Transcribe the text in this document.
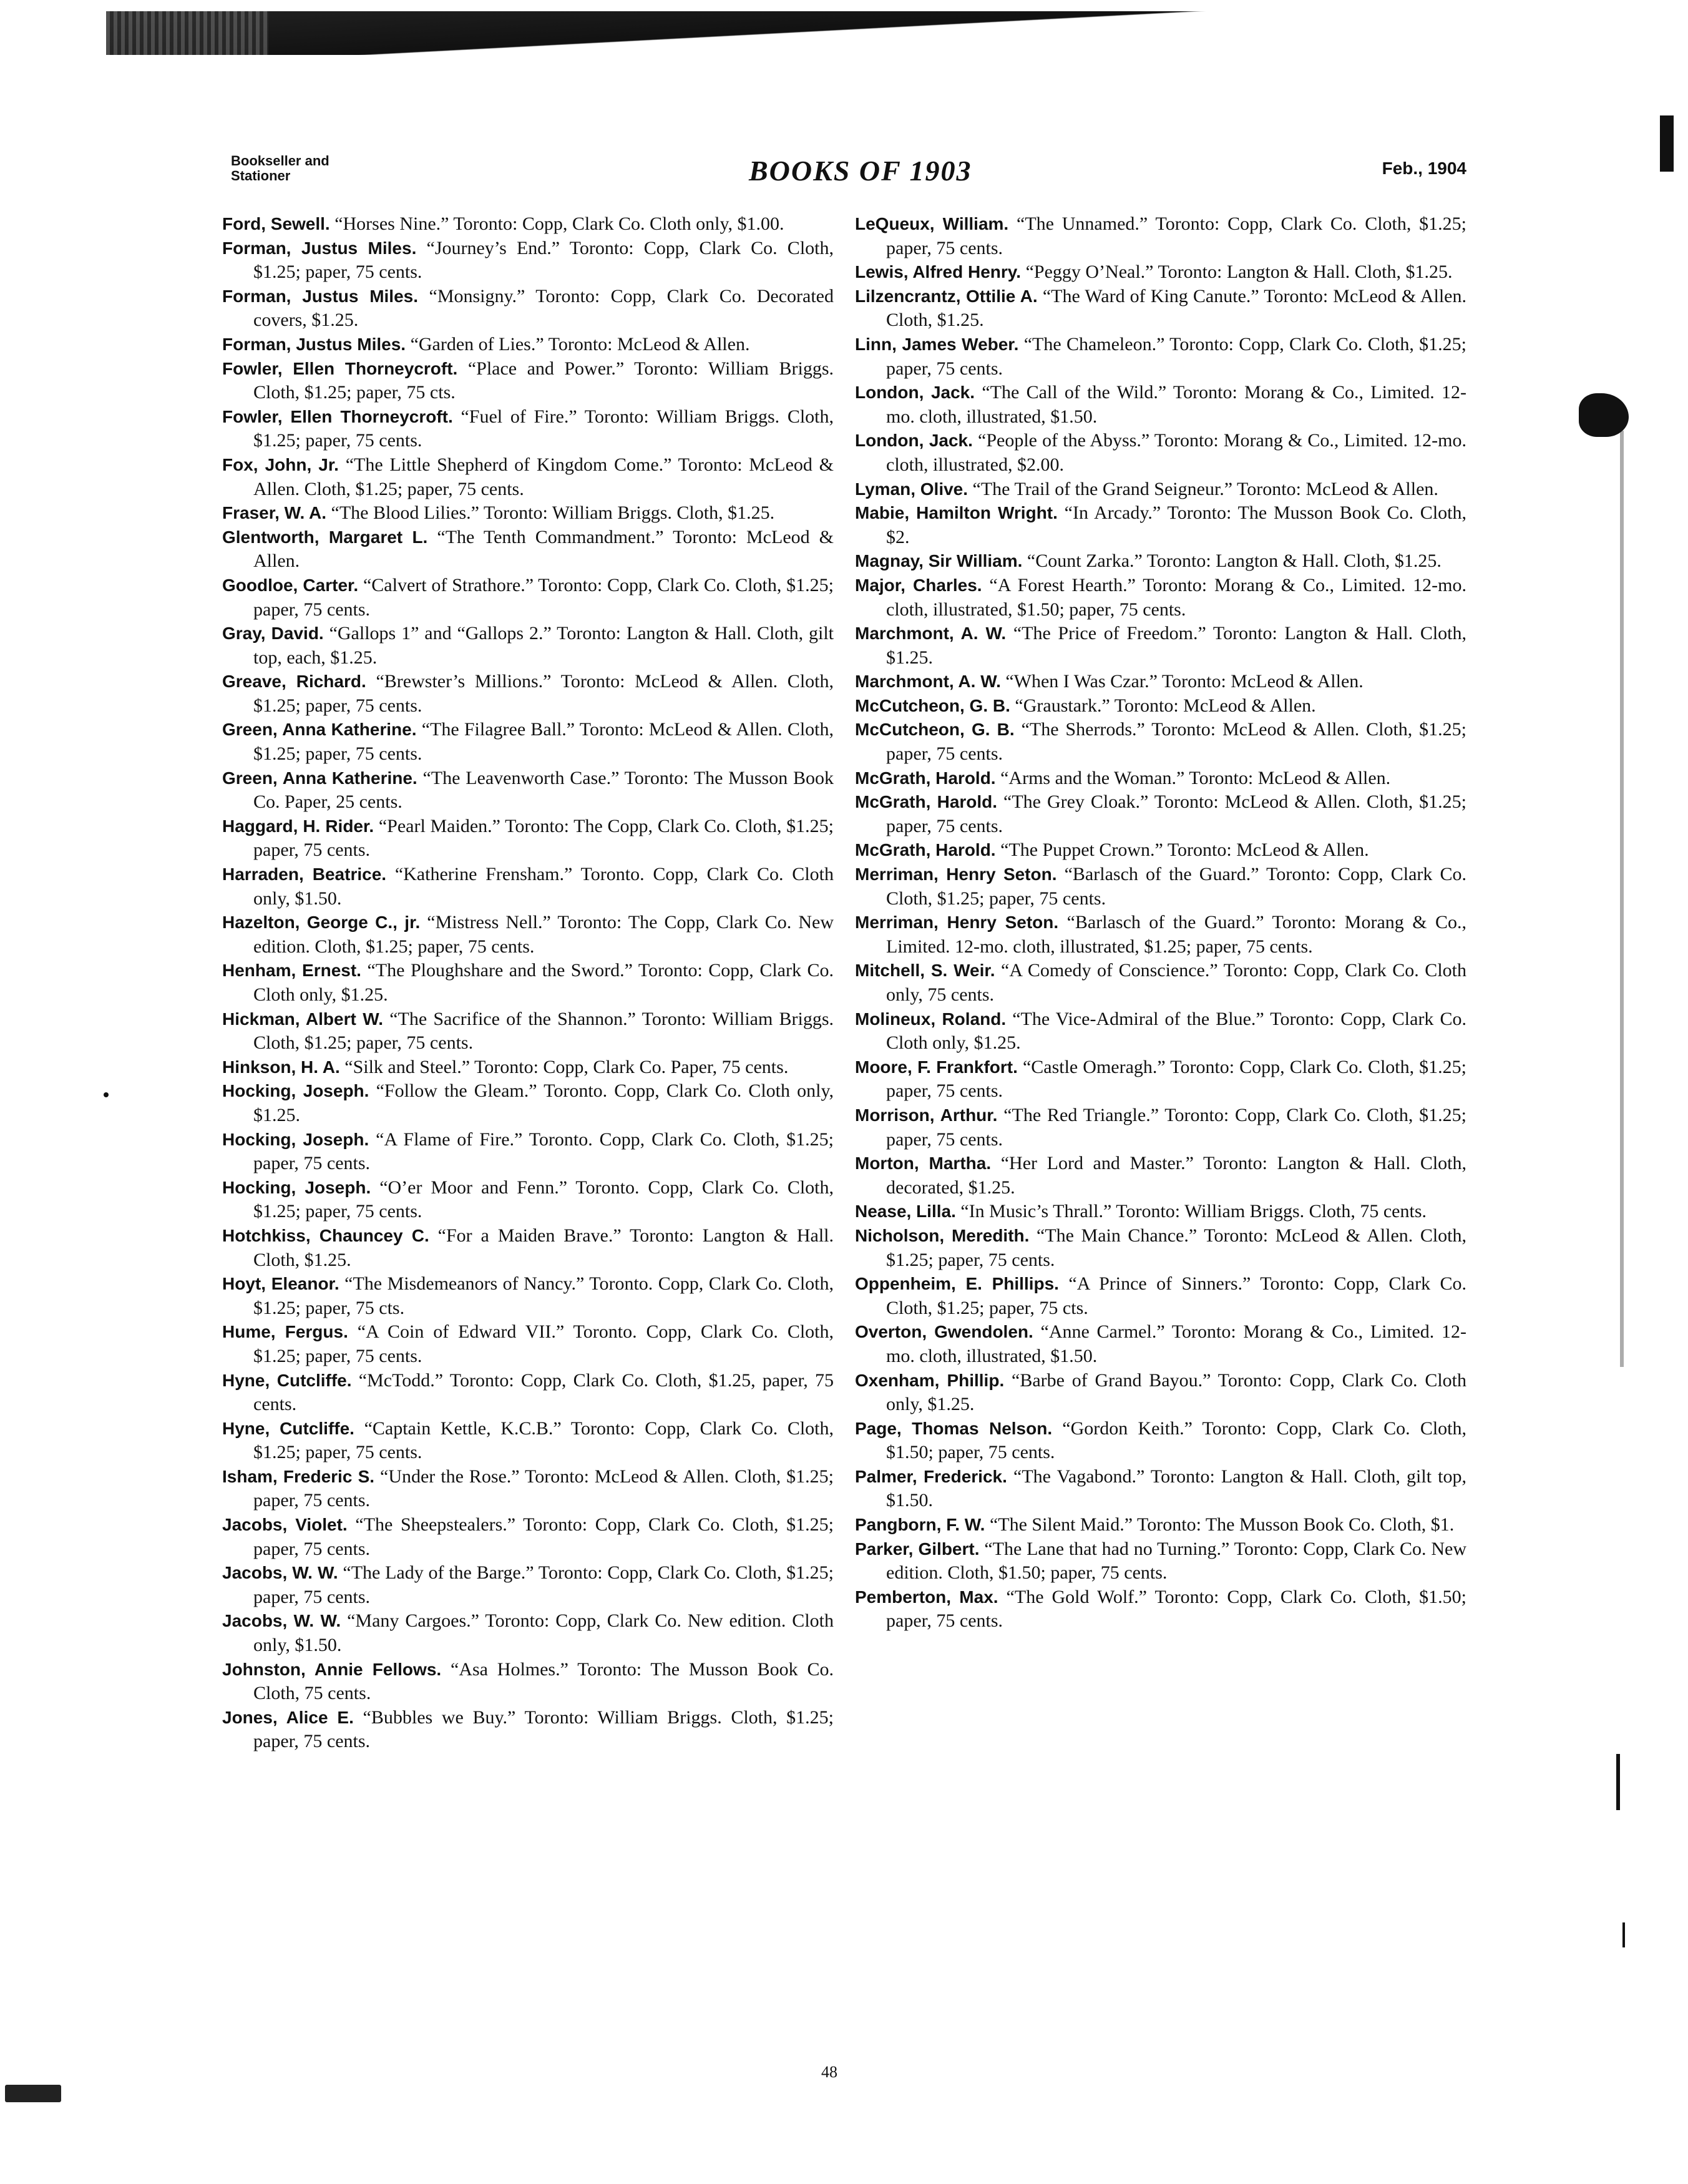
Bookseller and
Stationer	BOOKS OF 1903	Feb., 1904

Ford, Sewell. “Horses Nine.” Toronto: Copp, Clark Co. Cloth only, $1.00.

Forman, Justus Miles. “Journey’s End.” Toronto: Copp, Clark Co. Cloth, $1.25; paper, 75 cents.

Forman, Justus Miles. “Monsigny.” Toronto: Copp, Clark Co. Decorated covers, $1.25.

Forman, Justus Miles. “Garden of Lies.” Toronto: McLeod & Allen.

Fowler, Ellen Thorneycroft. “Place and Power.” Toronto: William Briggs. Cloth, $1.25; paper, 75 cts.

Fowler, Ellen Thorneycroft. “Fuel of Fire.” Toronto: William Briggs. Cloth, $1.25; paper, 75 cents.

Fox, John, Jr. “The Little Shepherd of Kingdom Come.” Toronto: McLeod & Allen. Cloth, $1.25; paper, 75 cents.

Fraser, W. A. “The Blood Lilies.” Toronto: William Briggs. Cloth, $1.25.

Glentworth, Margaret L. “The Tenth Commandment.” Toronto: McLeod & Allen.

Goodloe, Carter. “Calvert of Strathore.” Toronto: Copp, Clark Co. Cloth, $1.25; paper, 75 cents.

Gray, David. “Gallops 1” and “Gallops 2.” Toronto: Langton & Hall. Cloth, gilt top, each, $1.25.

Greave, Richard. “Brewster’s Millions.” Toronto: McLeod & Allen. Cloth, $1.25; paper, 75 cents.

Green, Anna Katherine. “The Filagree Ball.” Toronto: McLeod & Allen. Cloth, $1.25; paper, 75 cents.

Green, Anna Katherine. “The Leavenworth Case.” Toronto: The Musson Book Co. Paper, 25 cents.

Haggard, H. Rider. “Pearl Maiden.” Toronto: The Copp, Clark Co. Cloth, $1.25; paper, 75 cents.

Harraden, Beatrice. “Katherine Frensham.” Toronto. Copp, Clark Co. Cloth only, $1.50.

Hazelton, George C., jr. “Mistress Nell.” Toronto: The Copp, Clark Co. New edition. Cloth, $1.25; paper, 75 cents.

Henham, Ernest. “The Ploughshare and the Sword.” Toronto: Copp, Clark Co. Cloth only, $1.25.

Hickman, Albert W. “The Sacrifice of the Shannon.” Toronto: William Briggs. Cloth, $1.25; paper, 75 cents.

Hinkson, H. A. “Silk and Steel.” Toronto: Copp, Clark Co. Paper, 75 cents.

Hocking, Joseph. “Follow the Gleam.” Toronto. Copp, Clark Co. Cloth only, $1.25.

Hocking, Joseph. “A Flame of Fire.” Toronto. Copp, Clark Co. Cloth, $1.25; paper, 75 cents.

Hocking, Joseph. “O’er Moor and Fenn.” Toronto. Copp, Clark Co. Cloth, $1.25; paper, 75 cents.

Hotchkiss, Chauncey C. “For a Maiden Brave.” Toronto: Langton & Hall. Cloth, $1.25.

Hoyt, Eleanor. “The Misdemeanors of Nancy.” Toronto. Copp, Clark Co. Cloth, $1.25; paper, 75 cts.

Hume, Fergus. “A Coin of Edward VII.” Toronto. Copp, Clark Co. Cloth, $1.25; paper, 75 cents.

Hyne, Cutcliffe. “McTodd.” Toronto: Copp, Clark Co. Cloth, $1.25, paper, 75 cents.

Hyne, Cutcliffe. “Captain Kettle, K.C.B.” Toronto: Copp, Clark Co. Cloth, $1.25; paper, 75 cents.

Isham, Frederic S. “Under the Rose.” Toronto: McLeod & Allen. Cloth, $1.25; paper, 75 cents.

Jacobs, Violet. “The Sheepstealers.” Toronto: Copp, Clark Co. Cloth, $1.25; paper, 75 cents.

Jacobs, W. W. “The Lady of the Barge.” Toronto: Copp, Clark Co. Cloth, $1.25; paper, 75 cents.

Jacobs, W. W. “Many Cargoes.” Toronto: Copp, Clark Co. New edition. Cloth only, $1.50.

Johnston, Annie Fellows. “Asa Holmes.” Toronto: The Musson Book Co. Cloth, 75 cents.

Jones, Alice E. “Bubbles we Buy.” Toronto: William Briggs. Cloth, $1.25; paper, 75 cents.

LeQueux, William. “The Unnamed.” Toronto: Copp, Clark Co. Cloth, $1.25; paper, 75 cents.

Lewis, Alfred Henry. “Peggy O’Neal.” Toronto: Langton & Hall. Cloth, $1.25.

Lilzencrantz, Ottilie A. “The Ward of King Canute.” Toronto: McLeod & Allen. Cloth, $1.25.

Linn, James Weber. “The Chameleon.” Toronto: Copp, Clark Co. Cloth, $1.25; paper, 75 cents.

London, Jack. “The Call of the Wild.” Toronto: Morang & Co., Limited. 12-mo. cloth, illustrated, $1.50.

London, Jack. “People of the Abyss.” Toronto: Morang & Co., Limited. 12-mo. cloth, illustrated, $2.00.

Lyman, Olive. “The Trail of the Grand Seigneur.” Toronto: McLeod & Allen.

Mabie, Hamilton Wright. “In Arcady.” Toronto: The Musson Book Co. Cloth, $2.

Magnay, Sir William. “Count Zarka.” Toronto: Langton & Hall. Cloth, $1.25.

Major, Charles. “A Forest Hearth.” Toronto: Morang & Co., Limited. 12-mo. cloth, illustrated, $1.50; paper, 75 cents.

Marchmont, A. W. “The Price of Freedom.” Toronto: Langton & Hall. Cloth, $1.25.

Marchmont, A. W. “When I Was Czar.” Toronto: McLeod & Allen.

McCutcheon, G. B. “Graustark.” Toronto: McLeod & Allen.

McCutcheon, G. B. “The Sherrods.” Toronto: McLeod & Allen. Cloth, $1.25; paper, 75 cents.

McGrath, Harold. “Arms and the Woman.” Toronto: McLeod & Allen.

McGrath, Harold. “The Grey Cloak.” Toronto: McLeod & Allen. Cloth, $1.25; paper, 75 cents.

McGrath, Harold. “The Puppet Crown.” Toronto: McLeod & Allen.

Merriman, Henry Seton. “Barlasch of the Guard.” Toronto: Copp, Clark Co. Cloth, $1.25; paper, 75 cents.

Merriman, Henry Seton. “Barlasch of the Guard.” Toronto: Morang & Co., Limited. 12-mo. cloth, illustrated, $1.25; paper, 75 cents.

Mitchell, S. Weir. “A Comedy of Conscience.” Toronto: Copp, Clark Co. Cloth only, 75 cents.

Molineux, Roland. “The Vice-Admiral of the Blue.” Toronto: Copp, Clark Co. Cloth only, $1.25.

Moore, F. Frankfort. “Castle Omeragh.” Toronto: Copp, Clark Co. Cloth, $1.25; paper, 75 cents.

Morrison, Arthur. “The Red Triangle.” Toronto: Copp, Clark Co. Cloth, $1.25; paper, 75 cents.

Morton, Martha. “Her Lord and Master.” Toronto: Langton & Hall. Cloth, decorated, $1.25.

Nease, Lilla. “In Music’s Thrall.” Toronto: William Briggs. Cloth, 75 cents.

Nicholson, Meredith. “The Main Chance.” Toronto: McLeod & Allen. Cloth, $1.25; paper, 75 cents.

Oppenheim, E. Phillips. “A Prince of Sinners.” Toronto: Copp, Clark Co. Cloth, $1.25; paper, 75 cts.

Overton, Gwendolen. “Anne Carmel.” Toronto: Morang & Co., Limited. 12-mo. cloth, illustrated, $1.50.

Oxenham, Phillip. “Barbe of Grand Bayou.” Toronto: Copp, Clark Co. Cloth only, $1.25.

Page, Thomas Nelson. “Gordon Keith.” Toronto: Copp, Clark Co. Cloth, $1.50; paper, 75 cents.

Palmer, Frederick. “The Vagabond.” Toronto: Langton & Hall. Cloth, gilt top, $1.50.

Pangborn, F. W. “The Silent Maid.” Toronto: The Musson Book Co. Cloth, $1.

Parker, Gilbert. “The Lane that had no Turning.” Toronto: Copp, Clark Co. New edition. Cloth, $1.50; paper, 75 cents.

Pemberton, Max. “The Gold Wolf.” Toronto: Copp, Clark Co. Cloth, $1.50; paper, 75 cents.

48
